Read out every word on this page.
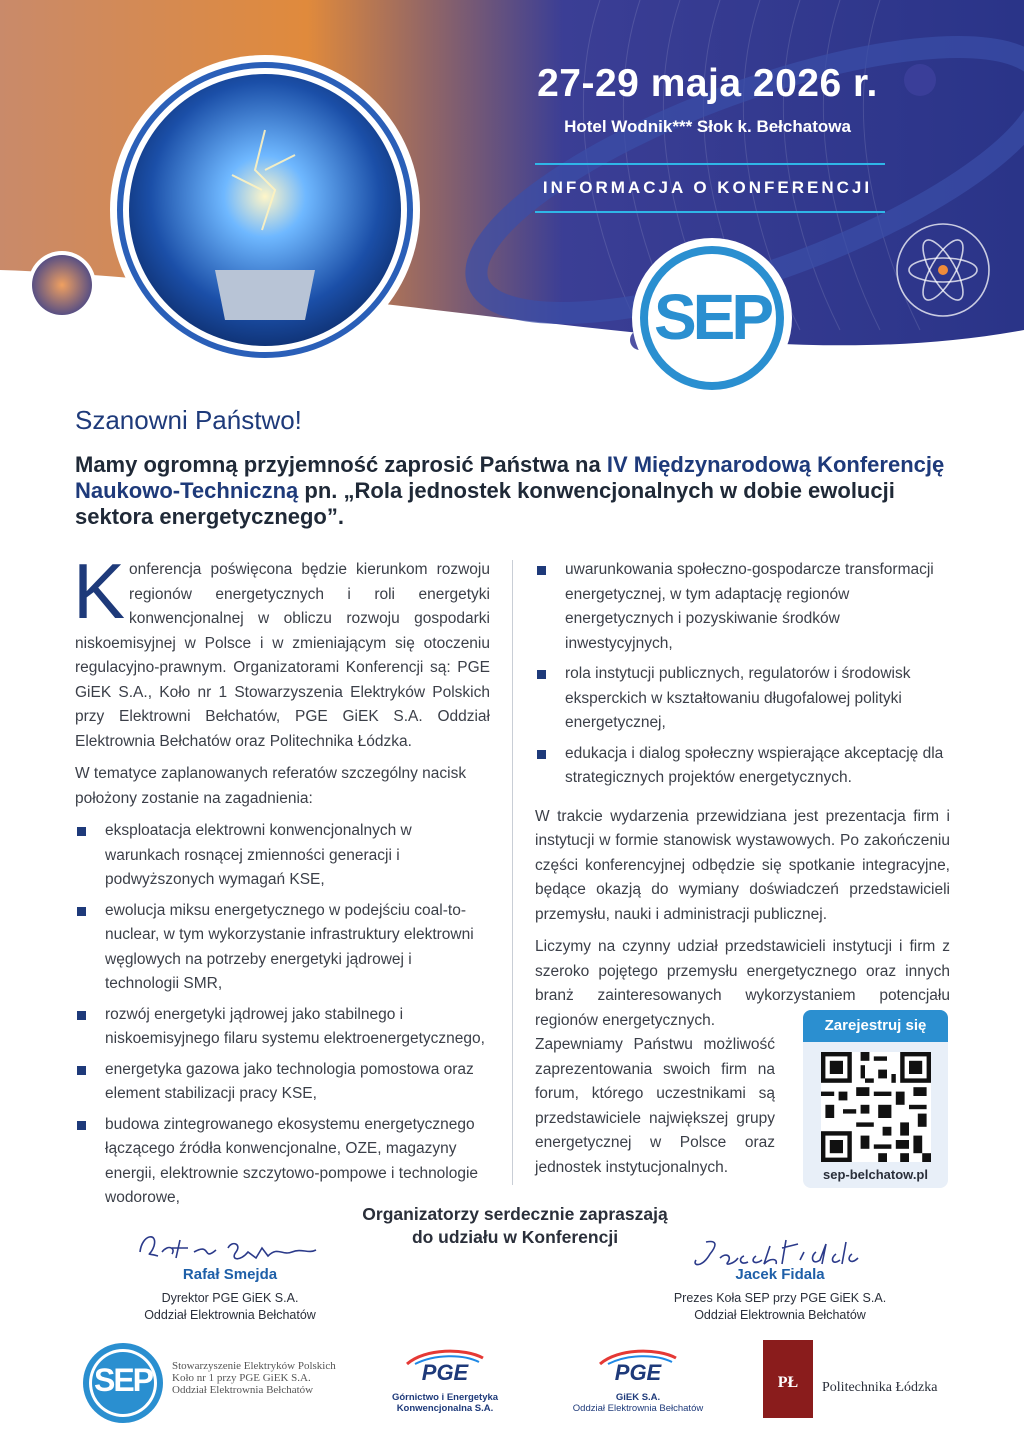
SEP
27-29 maja 2026 r.
Hotel Wodnik*** Słok k. Bełchatowa
INFORMACJA O KONFERENCJI
Szanowni Państwo!
Mamy ogromną przyjemność zaprosić Państwa na IV Międzynarodową Konferencję Naukowo-Techniczną pn. „Rola jednostek konwencjonalnych w dobie ewolucji sektora energetycznego”.

Konferencja poświęcona będzie kierunkom rozwoju regionów energetycznych i roli energetyki konwencjonalnej w obliczu rozwoju gospodarki niskoemisyjnej w Polsce i w zmieniającym się otoczeniu regulacyjno-prawnym. Organizatorami Konferencji są: PGE GiEK S.A., Koło nr 1 Stowarzyszenia Elektryków Polskich przy Elektrowni Bełchatów, PGE GiEK S.A. Oddział Elektrownia Bełchatów oraz Politechnika Łódzka.

W tematyce zaplanowanych referatów szczególny nacisk położony zostanie na zagadnienia:

eksploatacja elektrowni konwencjonalnych w warunkach rosnącej zmienności generacji i podwyższonych wymagań KSE,
ewolucja miksu energetycznego w podejściu coal-to-nuclear, w tym wykorzystanie infrastruktury elektrowni węglowych na potrzeby energetyki jądrowej i technologii SMR,
rozwój energetyki jądrowej jako stabilnego i niskoemisyjnego filaru systemu elektroenergetycznego,
energetyka gazowa jako technologia pomostowa oraz element stabilizacji pracy KSE,
budowa zintegrowanego ekosystemu energetycznego łączącego źródła konwencjonalne, OZE, magazyny energii, elektrownie szczytowo-pompowe i technologie wodorowe,
uwarunkowania społeczno-gospodarcze transformacji energetycznej, w tym adaptację regionów energetycznych i pozyskiwanie środków inwestycyjnych,
rola instytucji publicznych, regulatorów i środowisk eksperckich w kształtowaniu długofalowej polityki energetycznej,
edukacja i dialog społeczny wspierające akceptację dla strategicznych projektów energetycznych.

W trakcie wydarzenia przewidziana jest prezentacja firm i instytucji w formie stanowisk wystawowych. Po zakończeniu części konferencyjnej odbędzie się spotkanie integracyjne, będące okazją do wymiany doświadczeń przedstawicieli przemysłu, nauki i administracji publicznej.

Liczymy na czynny udział przedstawicieli instytucji i firm z szeroko pojętego przemysłu energetycznego oraz innych branż zainteresowanych wykorzystaniem potencjału regionów energetycznych.

Zapewniamy Państwu możliwość zaprezentowania swoich firm na forum, którego uczestnikami są przedstawiciele największej grupy energetycznej w Polsce oraz jednostek instytucjonalnych.

Zarejestruj się
sep-belchatow.pl
Organizatorzy serdecznie zapraszają
do udziału w Konferencji
Rafał Smejda
Dyrektor PGE GiEK S.A.
Oddział Elektrownia Bełchatów
Jacek Fidala
Prezes Koła SEP przy PGE GiEK S.A.
Oddział Elektrownia Bełchatów
SEP	Stowarzyszenie Elektryków Polskich
Koło nr 1 przy PGE GiEK S.A.
Oddział Elektrownia Bełchatów
PGE
Górnictwo i Energetyka
Konwencjonalna S.A.
PGE
GiEK S.A.
Oddział Elektrownia Bełchatów
PŁ	Politechnika Łódzka
